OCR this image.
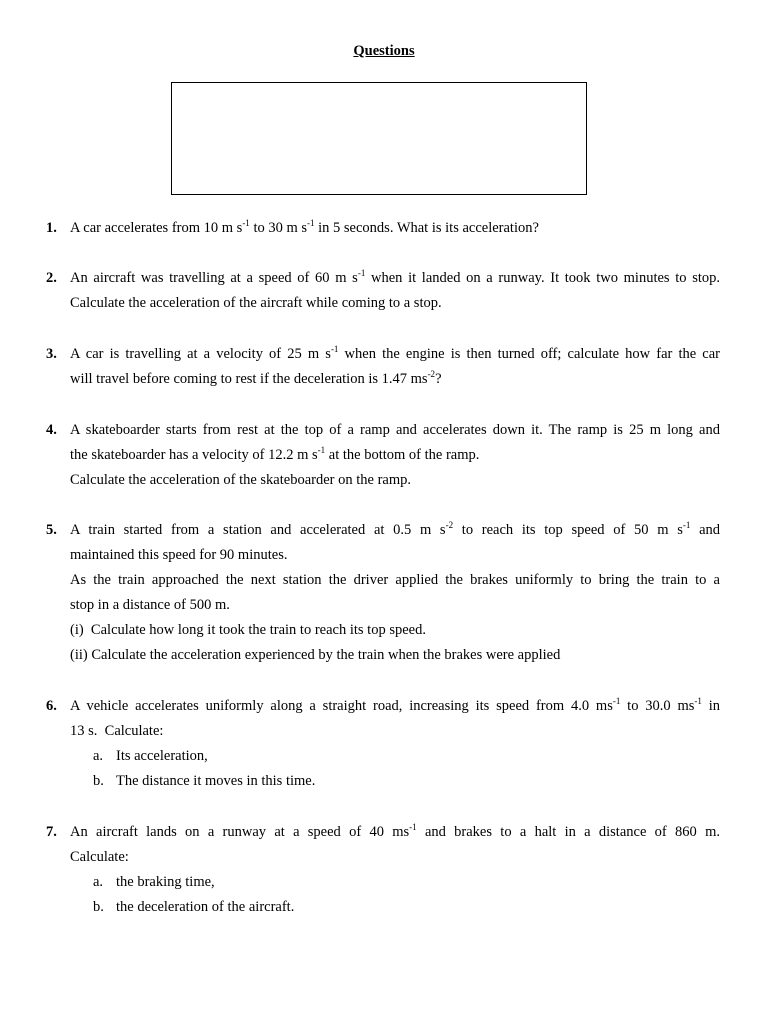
Questions
1. A car accelerates from 10 m $s^{-1}$ to 30 m $s^{-1}$ in 5 seconds. What is its acceleration?
2. An aircraft was travelling at a speed of 60 m $s^{-1}$ when it landed on a runway. It took two minutes to stop.
Calculate the acceleration of the aircraft while coming to a stop.
3. A car is travelling at a velocity of 25 m $s^{-1}$ when the engine is then turned off; calculate how far the car
will travel before coming to rest if the deceleration is 1.47 $ms^{-2}$?
4. A skateboarder starts from rest at the top of a ramp and accelerates down it. The ramp is 25 m long and
the skateboarder has a velocity of 12.2 m $s^{-1}$ at the bottom of the ramp.
Calculate the acceleration of the skateboarder on the ramp.
5. A train started from a station and accelerated at 0.5 m $s^{-2}$ to reach its top speed of 50 m $s^{-1}$ and
maintained this speed for 90 minutes.
As the train approached the next station the driver applied the brakes uniformly to bring the train to a
stop in a distance of 500 m.
(i)  Calculate how long it took the train to reach its top speed.
(ii) Calculate the acceleration experienced by the train when the brakes were applied
6. A vehicle accelerates uniformly along a straight road, increasing its speed from 4.0 $ms^{-1}$ to 30.0 $ms^{-1}$ in
13 s.  Calculate:
a. Its acceleration,
b. The distance it moves in this time.
7. An aircraft lands on a runway at a speed of 40 $ms^{-1}$ and brakes to a halt in a distance of 860 m.
Calculate:
a. the braking time,
b. the deceleration of the aircraft.
